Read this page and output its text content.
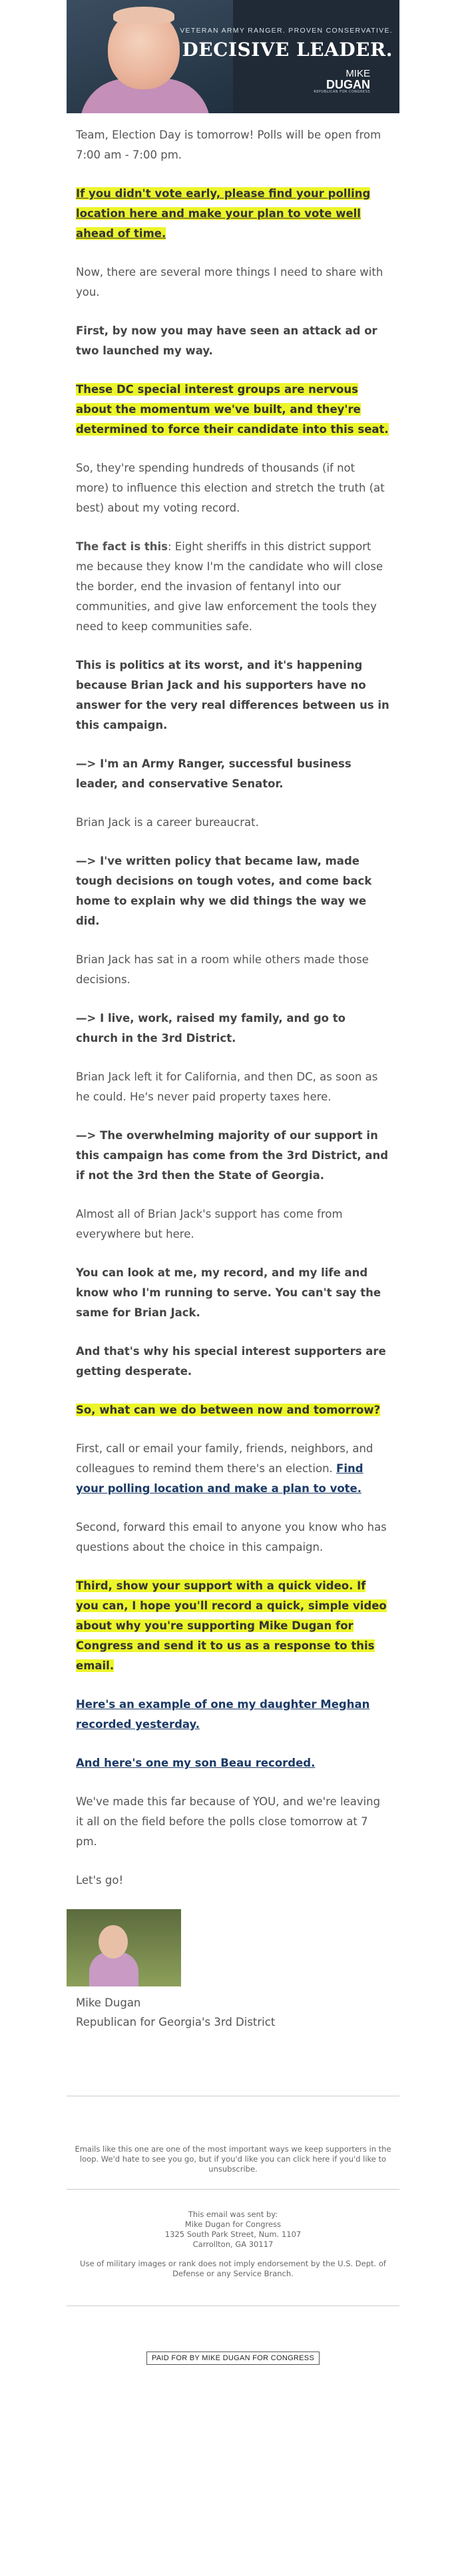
VETERAN ARMY RANGER. PROVEN CONSERVATIVE.
DECISIVE LEADER.
MIKE
DUGAN
REPUBLICAN FOR CONGRESS

Team, Election Day is tomorrow! Polls will be open from 7:00 am - 7:00 pm.

If you didn't vote early, please find your polling location here and make your plan to vote well ahead of time.

Now, there are several more things I need to share with you.

First, by now you may have seen an attack ad or two launched my way.

These DC special interest groups are nervous about the momentum we've built, and they're determined to force their candidate into this seat.

So, they're spending hundreds of thousands (if not more) to influence this election and stretch the truth (at best) about my voting record.

The fact is this: Eight sheriffs in this district support me because they know I'm the candidate who will close the border, end the invasion of fentanyl into our communities, and give law enforcement the tools they need to keep communities safe.

This is politics at its worst, and it's happening because Brian Jack and his supporters have no answer for the very real differences between us in this campaign.

—> I'm an Army Ranger, successful business leader, and conservative Senator.

Brian Jack is a career bureaucrat.

—> I've written policy that became law, made tough decisions on tough votes, and come back home to explain why we did things the way we did.

Brian Jack has sat in a room while others made those decisions.

—> I live, work, raised my family, and go to church in the 3rd District.

Brian Jack left it for California, and then DC, as soon as he could. He's never paid property taxes here.

—> The overwhelming majority of our support in this campaign has come from the 3rd District, and if not the 3rd then the State of Georgia.

Almost all of Brian Jack's support has come from everywhere but here.

You can look at me, my record, and my life and know who I'm running to serve. You can't say the same for Brian Jack.

And that's why his special interest supporters are getting desperate.

So, what can we do between now and tomorrow?

First, call or email your family, friends, neighbors, and colleagues to remind them there's an election. Find your polling location and make a plan to vote.

Second, forward this email to anyone you know who has questions about the choice in this campaign.

Third, show your support with a quick video. If you can, I hope you'll record a quick, simple video about why you're supporting Mike Dugan for Congress and send it to us as a response to this email.

Here's an example of one my daughter Meghan recorded yesterday.

And here's one my son Beau recorded.

We've made this far because of YOU, and we're leaving it all on the field before the polls close tomorrow at 7 pm.

Let's go!

Mike Dugan

Republican for Georgia's 3rd District

Emails like this one are one of the most important ways we keep supporters in the
loop. We'd hate to see you go, but if you'd like you can click here if you'd like to unsubscribe.
This email was sent by:
Mike Dugan for Congress
1325 South Park Street, Num. 1107
Carrollton, GA 30117
Use of military images or rank does not imply endorsement by the U.S. Dept. of
Defense or any Service Branch.
PAID FOR BY MIKE DUGAN FOR CONGRESS
